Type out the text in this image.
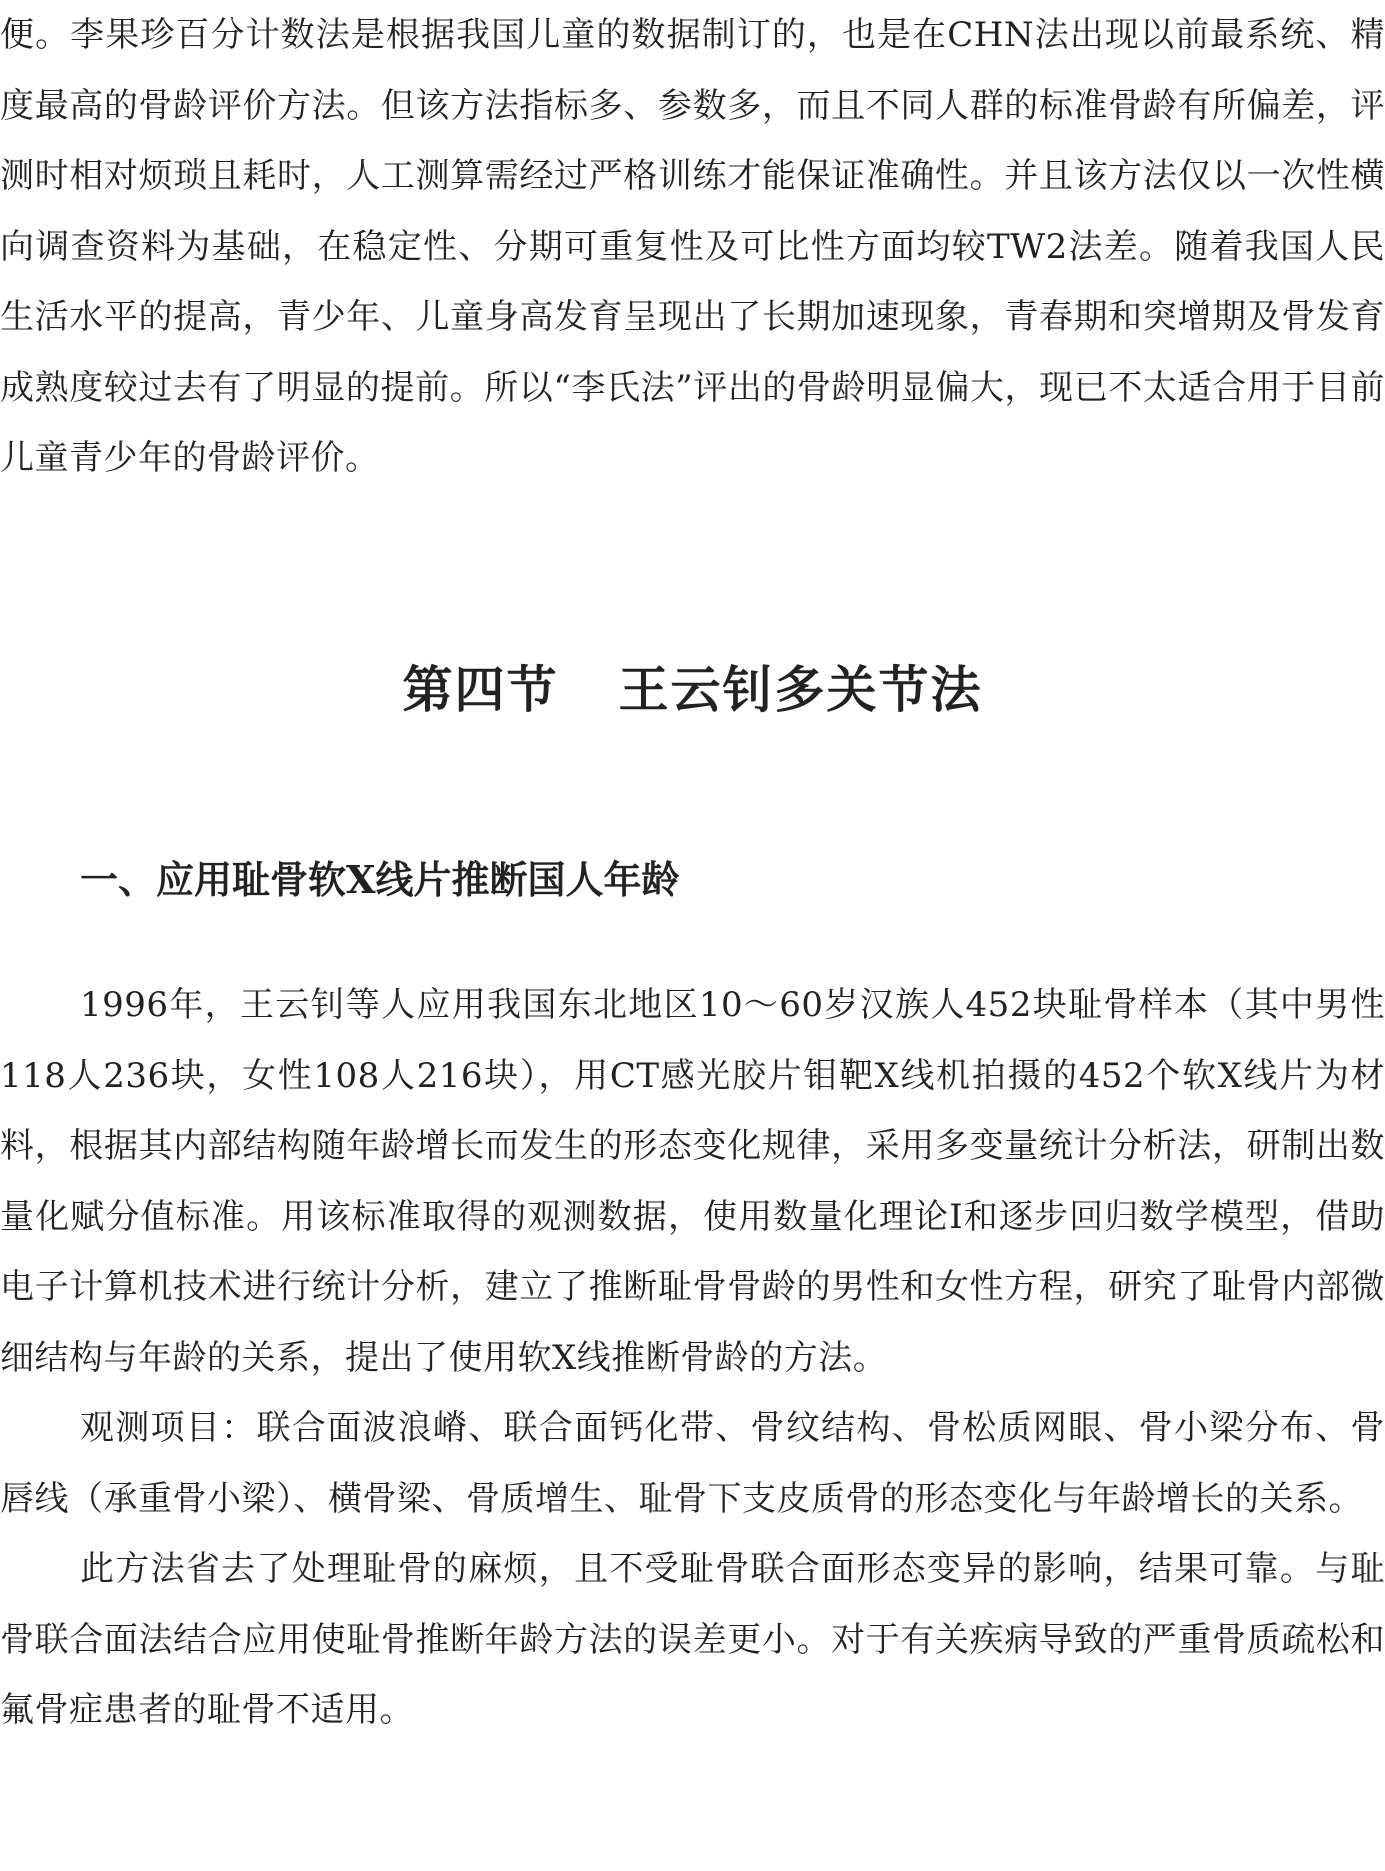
便。李果珍百分计数法是根据我国儿童的数据制订的，也是在CHN法出现以前最系统、精度最高的骨龄评价方法。但该方法指标多、参数多，而且不同人群的标准骨龄有所偏差，评测时相对烦琐且耗时，人工测算需经过严格训练才能保证准确性。并且该方法仅以一次性横向调查资料为基础，在稳定性、分期可重复性及可比性方面均较TW2法差。随着我国人民生活水平的提高，青少年、儿童身高发育呈现出了长期加速现象，青春期和突增期及骨发育成熟度较过去有了明显的提前。所以“李氏法”评出的骨龄明显偏大，现已不太适合用于目前儿童青少年的骨龄评价。

第四节 王云钊多关节法
一、应用耻骨软X线片推断国人年龄

1996年，王云钊等人应用我国东北地区10～60岁汉族人452块耻骨样本（其中男性118人236块，女性108人216块），用CT感光胶片钼靶X线机拍摄的452个软X线片为材料，根据其内部结构随年龄增长而发生的形态变化规律，采用多变量统计分析法，研制出数量化赋分值标准。用该标准取得的观测数据，使用数量化理论I和逐步回归数学模型，借助电子计算机技术进行统计分析，建立了推断耻骨骨龄的男性和女性方程，研究了耻骨内部微细结构与年龄的关系，提出了使用软X线推断骨龄的方法。

观测项目：联合面波浪嵴、联合面钙化带、骨纹结构、骨松质网眼、骨小梁分布、骨唇线（承重骨小梁）、横骨梁、骨质增生、耻骨下支皮质骨的形态变化与年龄增长的关系。

此方法省去了处理耻骨的麻烦，且不受耻骨联合面形态变异的影响，结果可靠。与耻骨联合面法结合应用使耻骨推断年龄方法的误差更小。对于有关疾病导致的严重骨质疏松和氟骨症患者的耻骨不适用。
